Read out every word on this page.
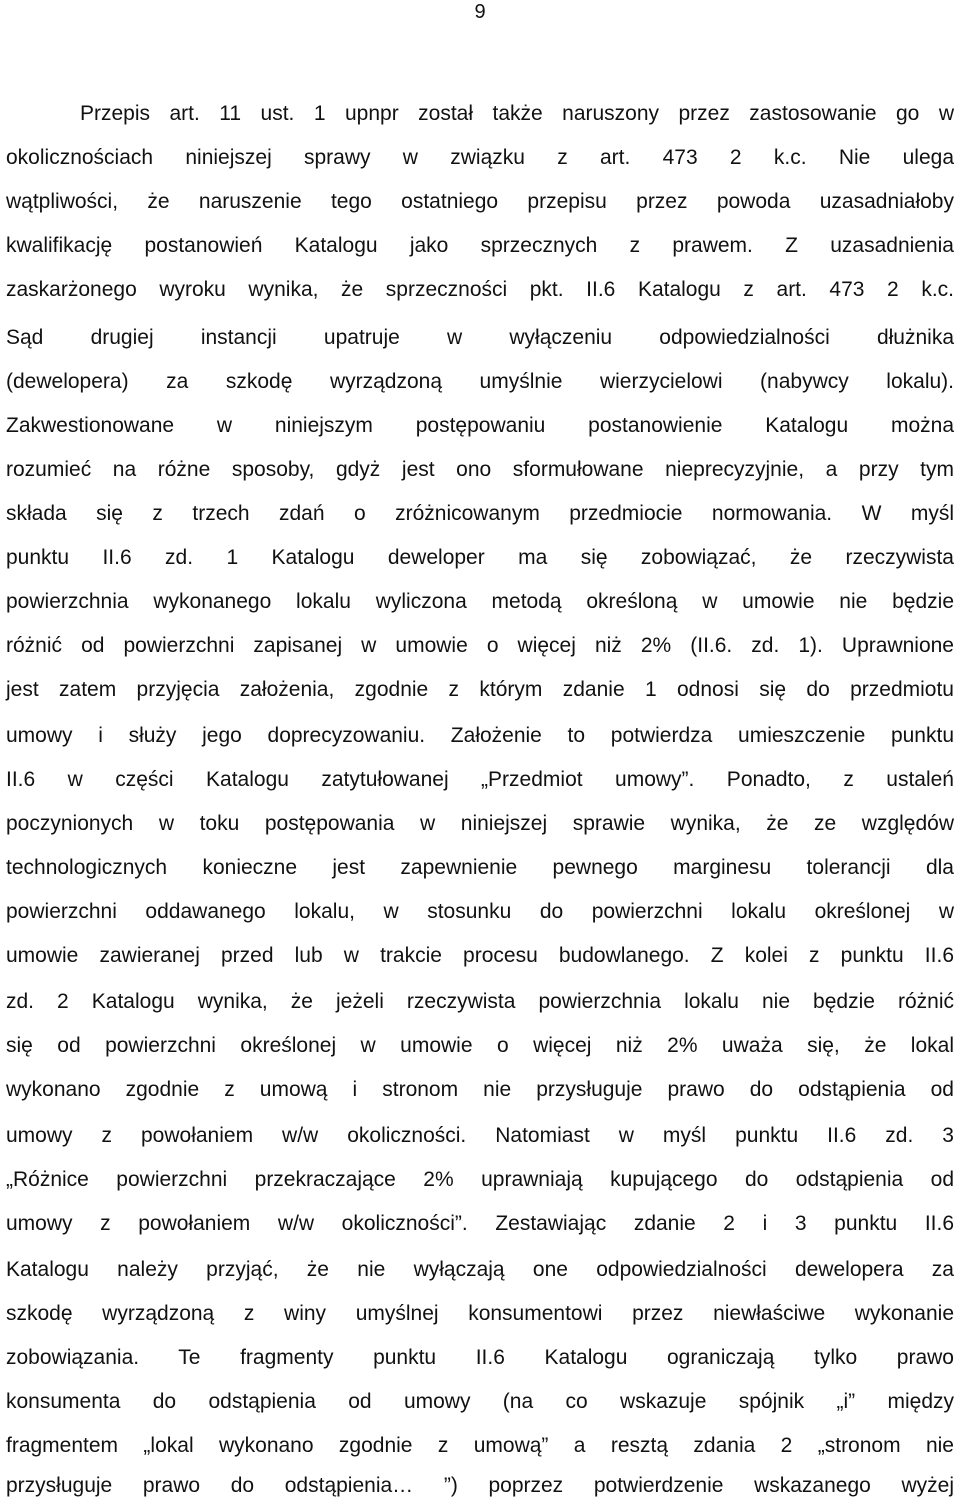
9
Przepis art. 11 ust. 1 upnpr został także naruszony przez zastosowanie go w
okolicznościach niniejszej sprawy w związku z art. 473 2 k.c. Nie ulega
wątpliwości, że naruszenie tego ostatniego przepisu przez powoda uzasadniałoby
kwalifikację postanowień Katalogu jako sprzecznych z prawem. Z uzasadnienia
zaskarżonego wyroku wynika, że sprzeczności pkt. II.6 Katalogu z art. 473 2 k.c.
Sąd drugiej instancji upatruje w wyłączeniu odpowiedzialności dłużnika
(dewelopera) za szkodę wyrządzoną umyślnie wierzycielowi (nabywcy lokalu).
Zakwestionowane w niniejszym postępowaniu postanowienie Katalogu można
rozumieć na różne sposoby, gdyż jest ono sformułowane nieprecyzyjnie, a przy tym
składa się z trzech zdań o zróżnicowanym przedmiocie normowania. W myśl
punktu II.6 zd. 1 Katalogu deweloper ma się zobowiązać, że rzeczywista
powierzchnia wykonanego lokalu wyliczona metodą określoną w umowie nie będzie
różnić od powierzchni zapisanej w umowie o więcej niż 2% (II.6. zd. 1). Uprawnione
jest zatem przyjęcia założenia, zgodnie z którym zdanie 1 odnosi się do przedmiotu
umowy i służy jego doprecyzowaniu. Założenie to potwierdza umieszczenie punktu
II.6 w części Katalogu zatytułowanej „Przedmiot umowy”. Ponadto, z ustaleń
poczynionych w toku postępowania w niniejszej sprawie wynika, że ze względów
technologicznych konieczne jest zapewnienie pewnego marginesu tolerancji dla
powierzchni oddawanego lokalu, w stosunku do powierzchni lokalu określonej w
umowie zawieranej przed lub w trakcie procesu budowlanego. Z kolei z punktu II.6
zd. 2 Katalogu wynika, że jeżeli rzeczywista powierzchnia lokalu nie będzie różnić
się od powierzchni określonej w umowie o więcej niż 2% uważa się, że lokal
wykonano zgodnie z umową i stronom nie przysługuje prawo do odstąpienia od
umowy z powołaniem w/w okoliczności. Natomiast w myśl punktu II.6 zd. 3
„Różnice powierzchni przekraczające 2% uprawniają kupującego do odstąpienia od
umowy z powołaniem w/w okoliczności”. Zestawiając zdanie 2 i 3 punktu II.6
Katalogu należy przyjąć, że nie wyłączają one odpowiedzialności dewelopera za
szkodę wyrządzoną z winy umyślnej konsumentowi przez niewłaściwe wykonanie
zobowiązania. Te fragmenty punktu II.6 Katalogu ograniczają tylko prawo
konsumenta do odstąpienia od umowy (na co wskazuje spójnik „i” między
fragmentem „lokal wykonano zgodnie z umową” a resztą zdania 2 „stronom nie
przysługuje prawo do odstąpienia… ”) poprzez potwierdzenie wskazanego wyżej
